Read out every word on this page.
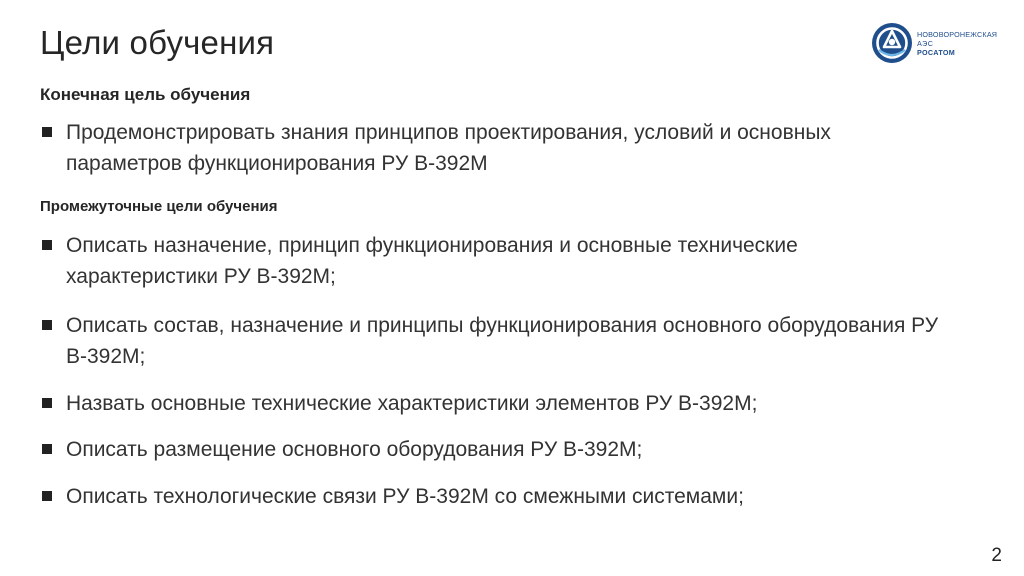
Цели обучения	НОВОВОРОНЕЖСКАЯ
АЭС
РОСАТОМ
Конечная цель обучения
Продемонстрировать знания принципов проектирования, условий и основных параметров функционирования РУ В-392М
Промежуточные цели обучения
Описать назначение, принцип функционирования и основные технические характеристики РУ В-392М;
Описать состав, назначение и принципы функционирования основного оборудования РУ В-392М;
Назвать основные технические характеристики элементов РУ В-392М;
Описать размещение основного оборудования РУ В-392М;
Описать технологические связи РУ В-392М со смежными системами;
2
